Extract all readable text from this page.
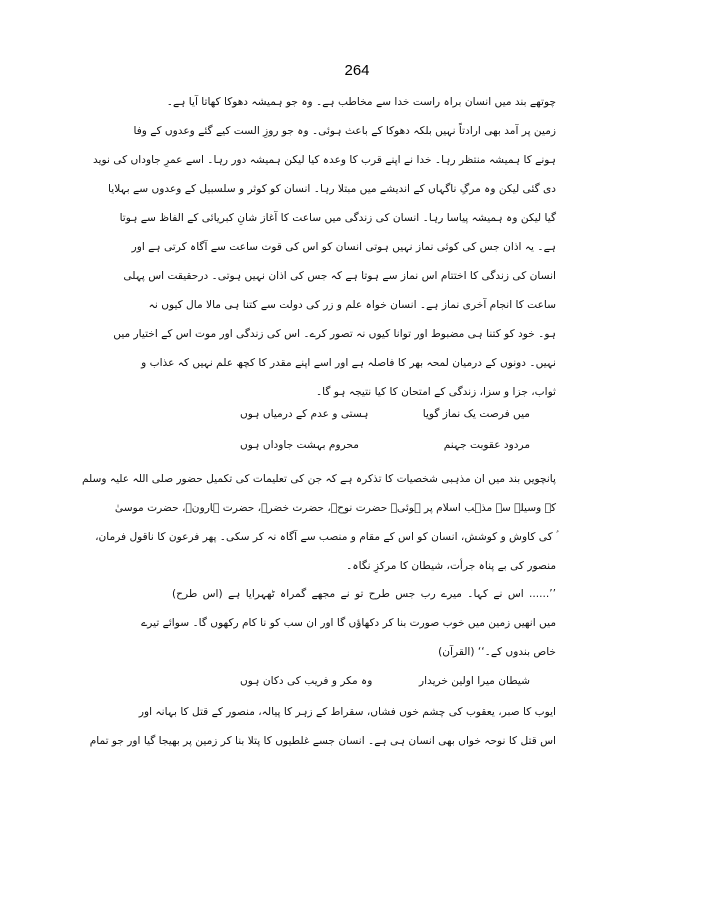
264
چوتھے بند میں انسان براہ راست خدا سے مخاطب ہے۔ وہ جو ہمیشہ دھوکا کھاتا آیا ہے۔
زمین پر آمد بھی ارادتاً نہیں بلکہ دھوکا کے باعث ہوئی۔ وہ جو روزِ الست کیے گئے وعدوں کے وفا
ہونے کا ہمیشہ منتظر رہا۔ خدا نے اپنے قرب کا وعدہ کیا لیکن ہمیشہ دور رہا۔ اسے عمرِ جاوداں کی نوید
دی گئی لیکن وہ مرگِ ناگہاں کے اندیشے میں مبتلا رہا۔ انسان کو کوثر و سلسبیل کے وعدوں سے بہلایا
گیا لیکن وہ ہمیشہ پیاسا رہا۔ انسان کی زندگی میں ساعت کا آغاز شانِ کبریائی کے الفاظ سے ہوتا
ہے۔ یہ اذان جس کی کوئی نماز نہیں ہوتی انسان کو اس کی قوت ساعت سے آگاہ کرتی ہے اور
انسان کی زندگی کا اختتام اس نماز سے ہوتا ہے کہ جس کی اذان نہیں ہوتی۔ درحقیقت اس پہلی
ساعت کا انجام آخری نماز ہے۔ انسان خواہ علم و زر کی دولت سے کتنا ہی مالا مال کیوں نہ
ہو۔ خود کو کتنا ہی مضبوط اور توانا کیوں نہ تصور کرے۔ اس کی زندگی اور موت اس کے اختیار میں
نہیں۔ دونوں کے درمیان لمحہ بھر کا فاصلہ ہے اور اسے اپنے مقدر کا کچھ علم نہیں کہ عذاب و
ثواب، جزا و سزا، زندگی کے امتحان کا کیا نتیجہ ہو گا۔
میں فرصت یک نماز گویا
ہستی و عدم کے درمیاں ہوں
مردود عقوبت جہنم
محروم بہشت جاوداں ہوں
پانچویں بند میں ان مذہبی شخصیات کا تذکرہ ہے کہ جن کی تعلیمات کی تکمیل حضور صلی اللہ علیہ وسلم
کے وسیلے سے مذہب اسلام پر ہوئی۔ حضرت نوحؑ، حضرت خضرؑ، حضرت ہارونؑ، حضرت موسیٰ
ؑ کی کاوش و کوشش، انسان کو اس کے مقام و منصب سے آگاہ نہ کر سکی۔ پھر فرعون کا ناقول فرمان،
منصور کی بے پناہ جرأت، شیطان کا مرکزِ نگاہ۔
’’...... اس نے کہا۔ میرے رب جس طرح تو نے مجھے گمراہ ٹھہرایا ہے (اس طرح)
میں انھیں زمین میں خوب صورت بنا کر دکھاؤں گا اور ان سب کو نا کام رکھوں گا۔ سوائے تیرے
خاص بندوں کے۔‘‘ (القرآن)
شیطان میرا اولین خریدار
وہ مکر و فریب کی دکان ہوں
ایوب کا صبر، یعقوب کی چشم خوں فشاں، سقراط کے زہر کا پیالہ، منصور کے قتل کا بہانہ اور
اس قتل کا نوحہ خواں بھی انسان ہی ہے۔ انسان جسے غلطیوں کا پتلا بنا کر زمین پر بھیجا گیا اور جو تمام
